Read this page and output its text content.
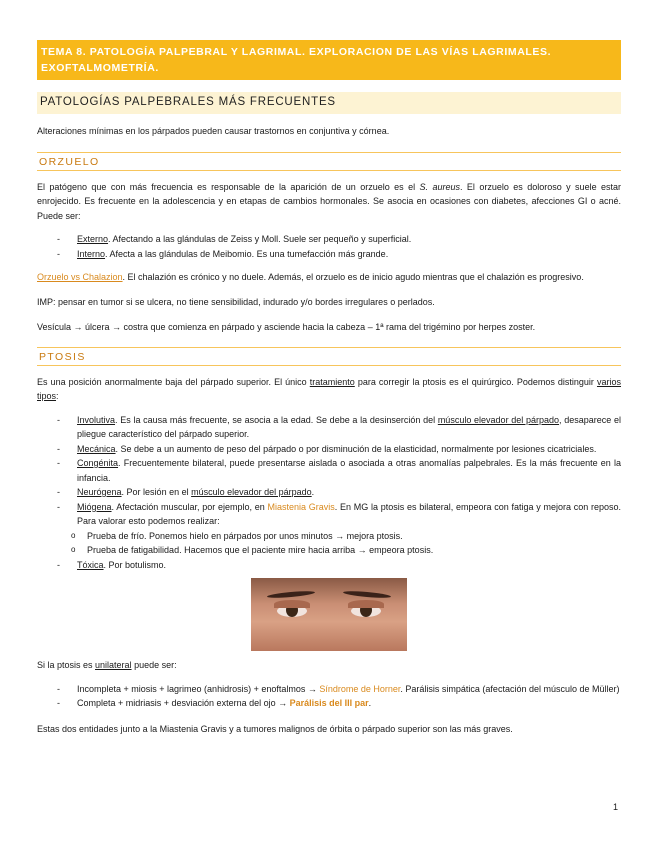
TEMA 8. PATOLOGÍA PALPEBRAL Y LAGRIMAL. EXPLORACION DE LAS VÍAS LAGRIMALES.
EXOFTALMOMETRÍA.
PATOLOGÍAS PALPEBRALES MÁS FRECUENTES

Alteraciones mínimas en los párpados pueden causar trastornos en conjuntiva y córnea.

ORZUELO

El patógeno que con más frecuencia es responsable de la aparición de un orzuelo es el S. aureus. El orzuelo es doloroso y suele estar enrojecido. Es frecuente en la adolescencia y en etapas de cambios hormonales. Se asocia en ocasiones con diabetes, afecciones GI o acné. Puede ser:

- Externo. Afectando a las glándulas de Zeiss y Moll. Suele ser pequeño y superficial.
- Interno. Afecta a las glándulas de Meibomio. Es una tumefacción más grande.

Orzuelo vs Chalazion. El chalazión es crónico y no duele. Además, el orzuelo es de inicio agudo mientras que el chalazión es progresivo.

IMP: pensar en tumor si se ulcera, no tiene sensibilidad, indurado y/o bordes irregulares o perlados.

Vesícula → úlcera → costra que comienza en párpado y asciende hacia la cabeza – 1ª rama del trigémino por herpes zoster.

PTOSIS

Es una posición anormalmente baja del párpado superior. El único tratamiento para corregir la ptosis es el quirúrgico. Podemos distinguir varios tipos:

- Involutiva. Es la causa más frecuente, se asocia a la edad. Se debe a la desinserción del músculo elevador del párpado, desaparece el pliegue característico del párpado superior.
- Mecánica. Se debe a un aumento de peso del párpado o por disminución de la elasticidad, normalmente por lesiones cicatriciales.
- Congénita. Frecuentemente bilateral, puede presentarse aislada o asociada a otras anomalías palpebrales. Es la más frecuente en la infancia.
- Neurógena. Por lesión en el músculo elevador del párpado.
- Miógena. Afectación muscular, por ejemplo, en Miastenia Gravis. En MG la ptosis es bilateral, empeora con fatiga y mejora con reposo. Para valorar esto podemos realizar:
o Prueba de frío. Ponemos hielo en párpados por unos minutos → mejora ptosis.
o Prueba de fatigabilidad. Hacemos que el paciente mire hacia arriba → empeora ptosis.
- Tóxica. Por botulismo.

Si la ptosis es unilateral puede ser:

- Incompleta + miosis + lagrimeo (anhidrosis) + enoftalmos → Síndrome de Horner. Parálisis simpática (afectación del músculo de Müller)
- Completa + midriasis + desviación externa del ojo → Parálisis del III par.

Estas dos entidades junto a la Miastenia Gravis y a tumores malignos de órbita o párpado superior son las más graves.

1
